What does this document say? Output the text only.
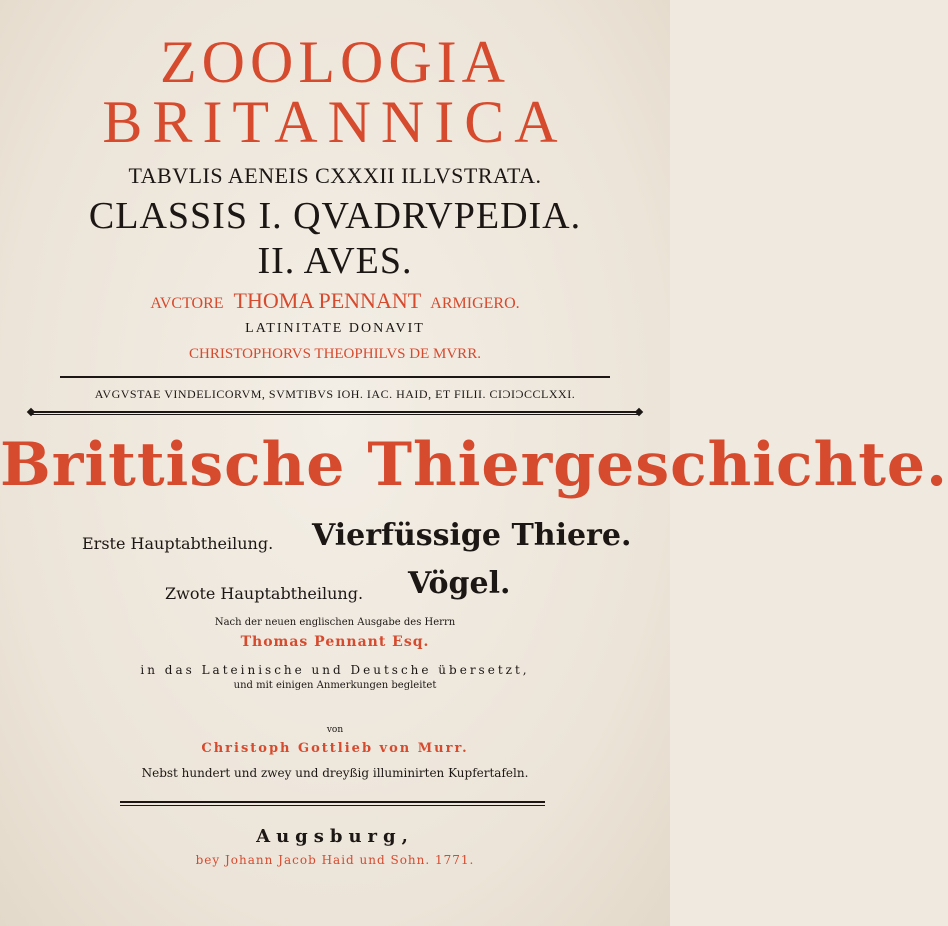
ZOOLOGIA
BRITANNICA
TABVLIS AENEIS CXXXII ILLVSTRATA.
CLASSIS I. QVADRVPEDIA.
II. AVES.
AVCTORE THOMA PENNANT ARMIGERO.
LATINITATE DONAVIT
CHRISTOPHORVS THEOPHILVS DE MVRR.
AVGVSTAE VINDELICORVM, SVMTIBVS IOH. IAC. HAID, ET FILII. CIƆIƆCCLXXI.
Brittische Thiergeschichte.
Erste Hauptabtheilung. Vierfüssige Thiere.
Zwote Hauptabtheilung. Vögel.
Nach der neuen englischen Ausgabe des Herrn
Thomas Pennant Esq.
in das Lateinische und Deutsche übersetzt,
und mit einigen Anmerkungen begleitet
von
Christoph Gottlieb von Murr.
Nebst hundert und zwey und dreyßig illuminirten Kupfertafeln.
Augsburg,
bey Johann Jacob Haid und Sohn. 1771.
